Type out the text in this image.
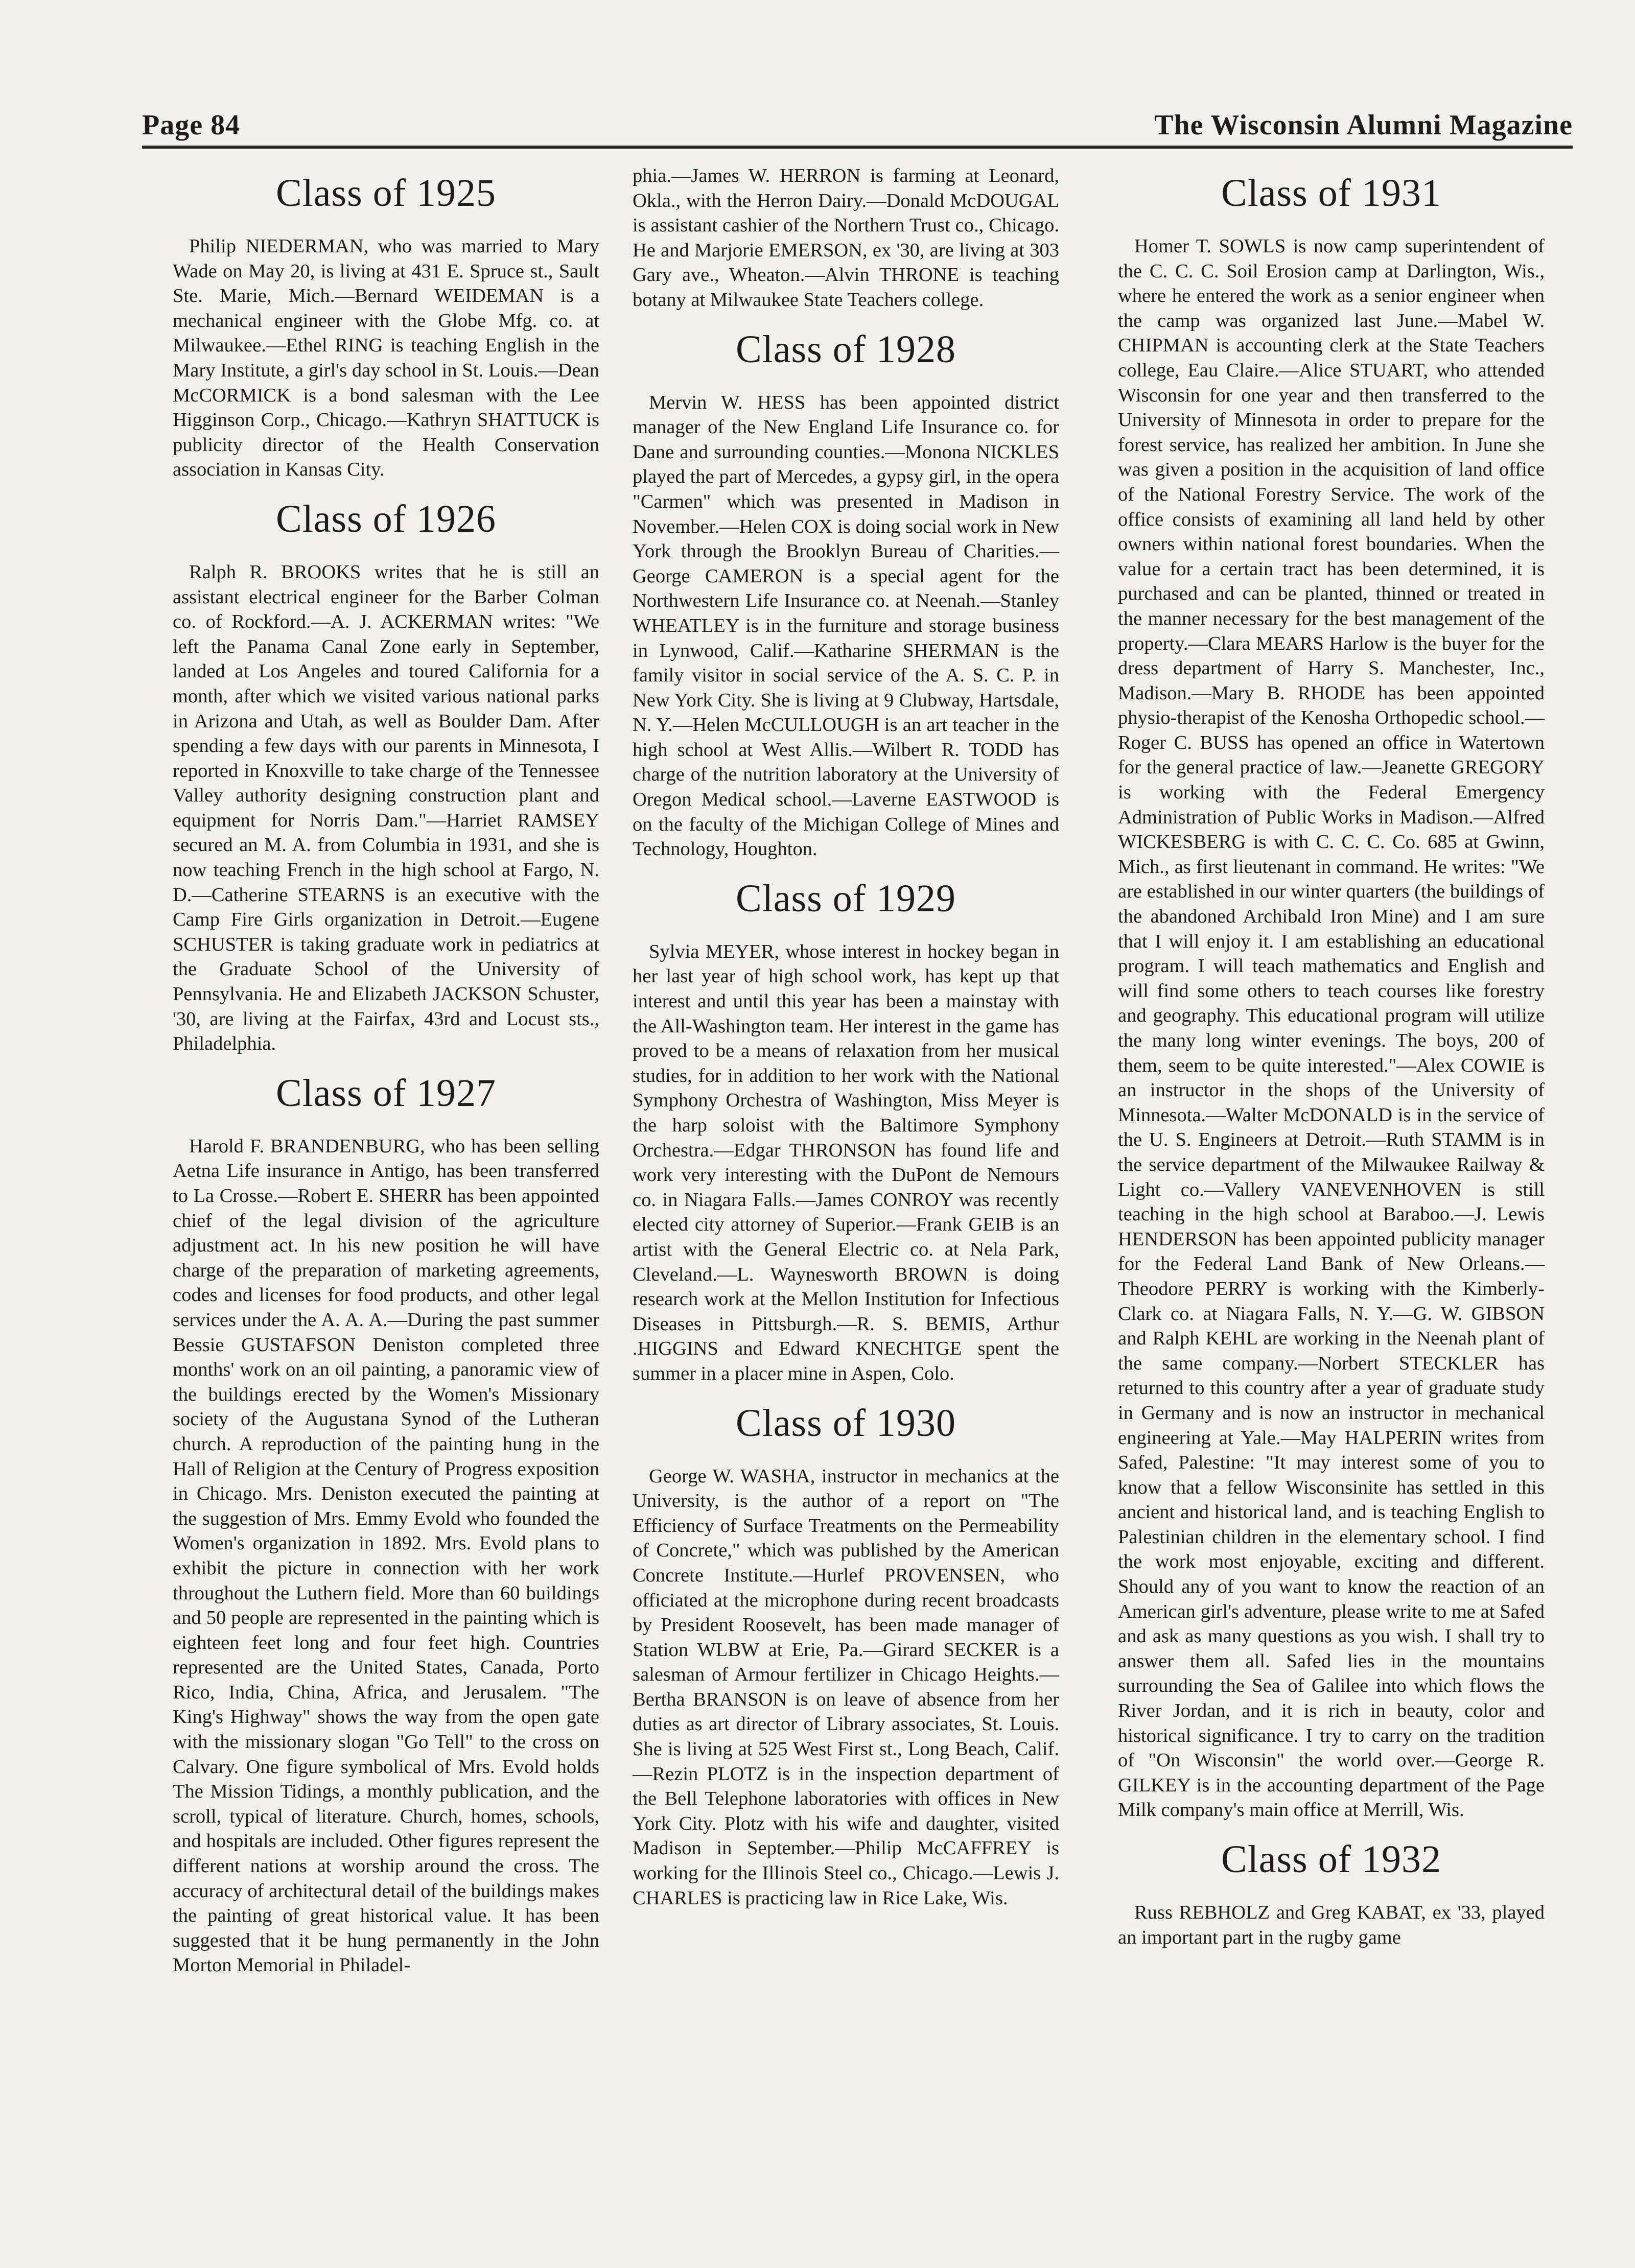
Page 84	The Wisconsin Alumni Magazine
Class of 1925

Philip NIEDERMAN, who was married to Mary Wade on May 20, is living at 431 E. Spruce st., Sault Ste. Marie, Mich.—Bernard WEIDEMAN is a mechanical engineer with the Globe Mfg. co. at Milwaukee.—Ethel RING is teaching English in the Mary Institute, a girl's day school in St. Louis.—Dean McCORMICK is a bond salesman with the Lee Higginson Corp., Chicago.—Kathryn SHATTUCK is publicity director of the Health Conservation association in Kansas City.

Class of 1926

Ralph R. BROOKS writes that he is still an assistant electrical engineer for the Barber Colman co. of Rockford.—A. J. ACKERMAN writes: "We left the Panama Canal Zone early in September, landed at Los Angeles and toured California for a month, after which we visited various national parks in Arizona and Utah, as well as Boulder Dam. After spending a few days with our parents in Minnesota, I reported in Knoxville to take charge of the Tennessee Valley authority designing construction plant and equipment for Norris Dam."—Harriet RAMSEY secured an M. A. from Columbia in 1931, and she is now teaching French in the high school at Fargo, N. D.—Catherine STEARNS is an executive with the Camp Fire Girls organization in Detroit.—Eugene SCHUSTER is taking graduate work in pediatrics at the Graduate School of the University of Pennsylvania. He and Elizabeth JACKSON Schuster, '30, are living at the Fairfax, 43rd and Locust sts., Philadelphia.

Class of 1927

Harold F. BRANDENBURG, who has been selling Aetna Life insurance in Antigo, has been transferred to La Crosse.—Robert E. SHERR has been appointed chief of the legal division of the agriculture adjustment act. In his new position he will have charge of the preparation of marketing agreements, codes and licenses for food products, and other legal services under the A. A. A.—During the past summer Bessie GUSTAFSON Deniston completed three months' work on an oil painting, a panoramic view of the buildings erected by the Women's Missionary society of the Augustana Synod of the Lutheran church. A reproduction of the painting hung in the Hall of Religion at the Century of Progress exposition in Chicago. Mrs. Deniston executed the painting at the suggestion of Mrs. Emmy Evold who founded the Women's organization in 1892. Mrs. Evold plans to exhibit the picture in connection with her work throughout the Luthern field. More than 60 buildings and 50 people are represented in the painting which is eighteen feet long and four feet high. Countries represented are the United States, Canada, Porto Rico, India, China, Africa, and Jerusalem. "The King's Highway" shows the way from the open gate with the missionary slogan "Go Tell" to the cross on Calvary. One figure symbolical of Mrs. Evold holds The Mission Tidings, a monthly publication, and the scroll, typical of literature. Church, homes, schools, and hospitals are included. Other figures represent the different nations at worship around the cross. The accuracy of architectural detail of the buildings makes the painting of great historical value. It has been suggested that it be hung permanently in the John Morton Memorial in Philadel-

phia.—James W. HERRON is farming at Leonard, Okla., with the Herron Dairy.—Donald McDOUGAL is assistant cashier of the Northern Trust co., Chicago. He and Marjorie EMERSON, ex '30, are living at 303 Gary ave., Wheaton.—Alvin THRONE is teaching botany at Milwaukee State Teachers college.

Class of 1928

Mervin W. HESS has been appointed district manager of the New England Life Insurance co. for Dane and surrounding counties.—Monona NICKLES played the part of Mercedes, a gypsy girl, in the opera "Carmen" which was presented in Madison in November.—Helen COX is doing social work in New York through the Brooklyn Bureau of Charities.—George CAMERON is a special agent for the Northwestern Life Insurance co. at Neenah.—Stanley WHEATLEY is in the furniture and storage business in Lynwood, Calif.—Katharine SHERMAN is the family visitor in social service of the A. S. C. P. in New York City. She is living at 9 Clubway, Hartsdale, N. Y.—Helen McCULLOUGH is an art teacher in the high school at West Allis.—Wilbert R. TODD has charge of the nutrition laboratory at the University of Oregon Medical school.—Laverne EASTWOOD is on the faculty of the Michigan College of Mines and Technology, Houghton.

Class of 1929

Sylvia MEYER, whose interest in hockey began in her last year of high school work, has kept up that interest and until this year has been a mainstay with the All-Washington team. Her interest in the game has proved to be a means of relaxation from her musical studies, for in addition to her work with the National Symphony Orchestra of Washington, Miss Meyer is the harp soloist with the Baltimore Symphony Orchestra.—Edgar THRONSON has found life and work very interesting with the DuPont de Nemours co. in Niagara Falls.—James CONROY was recently elected city attorney of Superior.—Frank GEIB is an artist with the General Electric co. at Nela Park, Cleveland.—L. Waynesworth BROWN is doing research work at the Mellon Institution for Infectious Diseases in Pittsburgh.—R. S. BEMIS, Arthur .HIGGINS and Edward KNECHTGE spent the summer in a placer mine in Aspen, Colo.

Class of 1930

George W. WASHA, instructor in mechanics at the University, is the author of a report on "The Efficiency of Surface Treatments on the Permeability of Concrete," which was published by the American Concrete Institute.—Hurlef PROVENSEN, who officiated at the microphone during recent broadcasts by President Roosevelt, has been made manager of Station WLBW at Erie, Pa.—Girard SECKER is a salesman of Armour fertilizer in Chicago Heights.—Bertha BRANSON is on leave of absence from her duties as art director of Library associates, St. Louis. She is living at 525 West First st., Long Beach, Calif.—Rezin PLOTZ is in the inspection department of the Bell Telephone laboratories with offices in New York City. Plotz with his wife and daughter, visited Madison in September.—Philip McCAFFREY is working for the Illinois Steel co., Chicago.—Lewis J. CHARLES is practicing law in Rice Lake, Wis.

Class of 1931

Homer T. SOWLS is now camp superintendent of the C. C. C. Soil Erosion camp at Darlington, Wis., where he entered the work as a senior engineer when the camp was organized last June.—Mabel W. CHIPMAN is accounting clerk at the State Teachers college, Eau Claire.—Alice STUART, who attended Wisconsin for one year and then transferred to the University of Minnesota in order to prepare for the forest service, has realized her ambition. In June she was given a position in the acquisition of land office of the National Forestry Service. The work of the office consists of examining all land held by other owners within national forest boundaries. When the value for a certain tract has been determined, it is purchased and can be planted, thinned or treated in the manner necessary for the best management of the property.—Clara MEARS Harlow is the buyer for the dress department of Harry S. Manchester, Inc., Madison.—Mary B. RHODE has been appointed physio-therapist of the Kenosha Orthopedic school.—Roger C. BUSS has opened an office in Watertown for the general practice of law.—Jeanette GREGORY is working with the Federal Emergency Administration of Public Works in Madison.—Alfred WICKESBERG is with C. C. C. Co. 685 at Gwinn, Mich., as first lieutenant in command. He writes: "We are established in our winter quarters (the buildings of the abandoned Archibald Iron Mine) and I am sure that I will enjoy it. I am establishing an educational program. I will teach mathematics and English and will find some others to teach courses like forestry and geography. This educational program will utilize the many long winter evenings. The boys, 200 of them, seem to be quite interested."—Alex COWIE is an instructor in the shops of the University of Minnesota.—Walter McDONALD is in the service of the U. S. Engineers at Detroit.—Ruth STAMM is in the service department of the Milwaukee Railway & Light co.—Vallery VANEVENHOVEN is still teaching in the high school at Baraboo.—J. Lewis HENDERSON has been appointed publicity manager for the Federal Land Bank of New Orleans.—Theodore PERRY is working with the Kimberly-Clark co. at Niagara Falls, N. Y.—G. W. GIBSON and Ralph KEHL are working in the Neenah plant of the same company.—Norbert STECKLER has returned to this country after a year of graduate study in Germany and is now an instructor in mechanical engineering at Yale.—May HALPERIN writes from Safed, Palestine: "It may interest some of you to know that a fellow Wisconsinite has settled in this ancient and historical land, and is teaching English to Palestinian children in the elementary school. I find the work most enjoyable, exciting and different. Should any of you want to know the reaction of an American girl's adventure, please write to me at Safed and ask as many questions as you wish. I shall try to answer them all. Safed lies in the mountains surrounding the Sea of Galilee into which flows the River Jordan, and it is rich in beauty, color and historical significance. I try to carry on the tradition of "On Wisconsin" the world over.—George R. GILKEY is in the accounting department of the Page Milk company's main office at Merrill, Wis.

Class of 1932

Russ REBHOLZ and Greg KABAT, ex '33, played an important part in the rugby game
